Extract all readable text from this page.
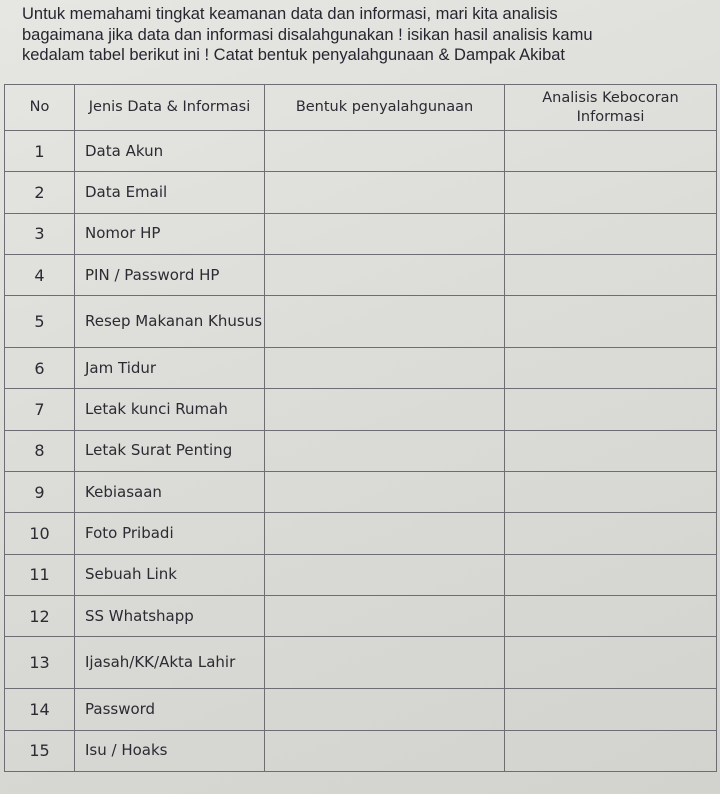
Untuk memahami tingkat keamanan data dan informasi, mari kita analisis
bagaimana jika data dan informasi disalahgunakan ! isikan hasil analisis kamu
kedalam tabel berikut ini ! Catat bentuk penyalahgunaan & Dampak Akibat
No	Jenis Data & Informasi	Bentuk penyalahgunaan	Analisis Kebocoran Informasi
1	Data Akun		
2	Data Email		
3	Nomor HP		
4	PIN / Password HP		
5	Resep Makanan Khusus		
6	Jam Tidur		
7	Letak kunci Rumah		
8	Letak Surat Penting		
9	Kebiasaan		
10	Foto Pribadi		
11	Sebuah Link		
12	SS Whatshapp		
13	Ijasah/KK/Akta Lahir		
14	Password		
15	Isu / Hoaks		
